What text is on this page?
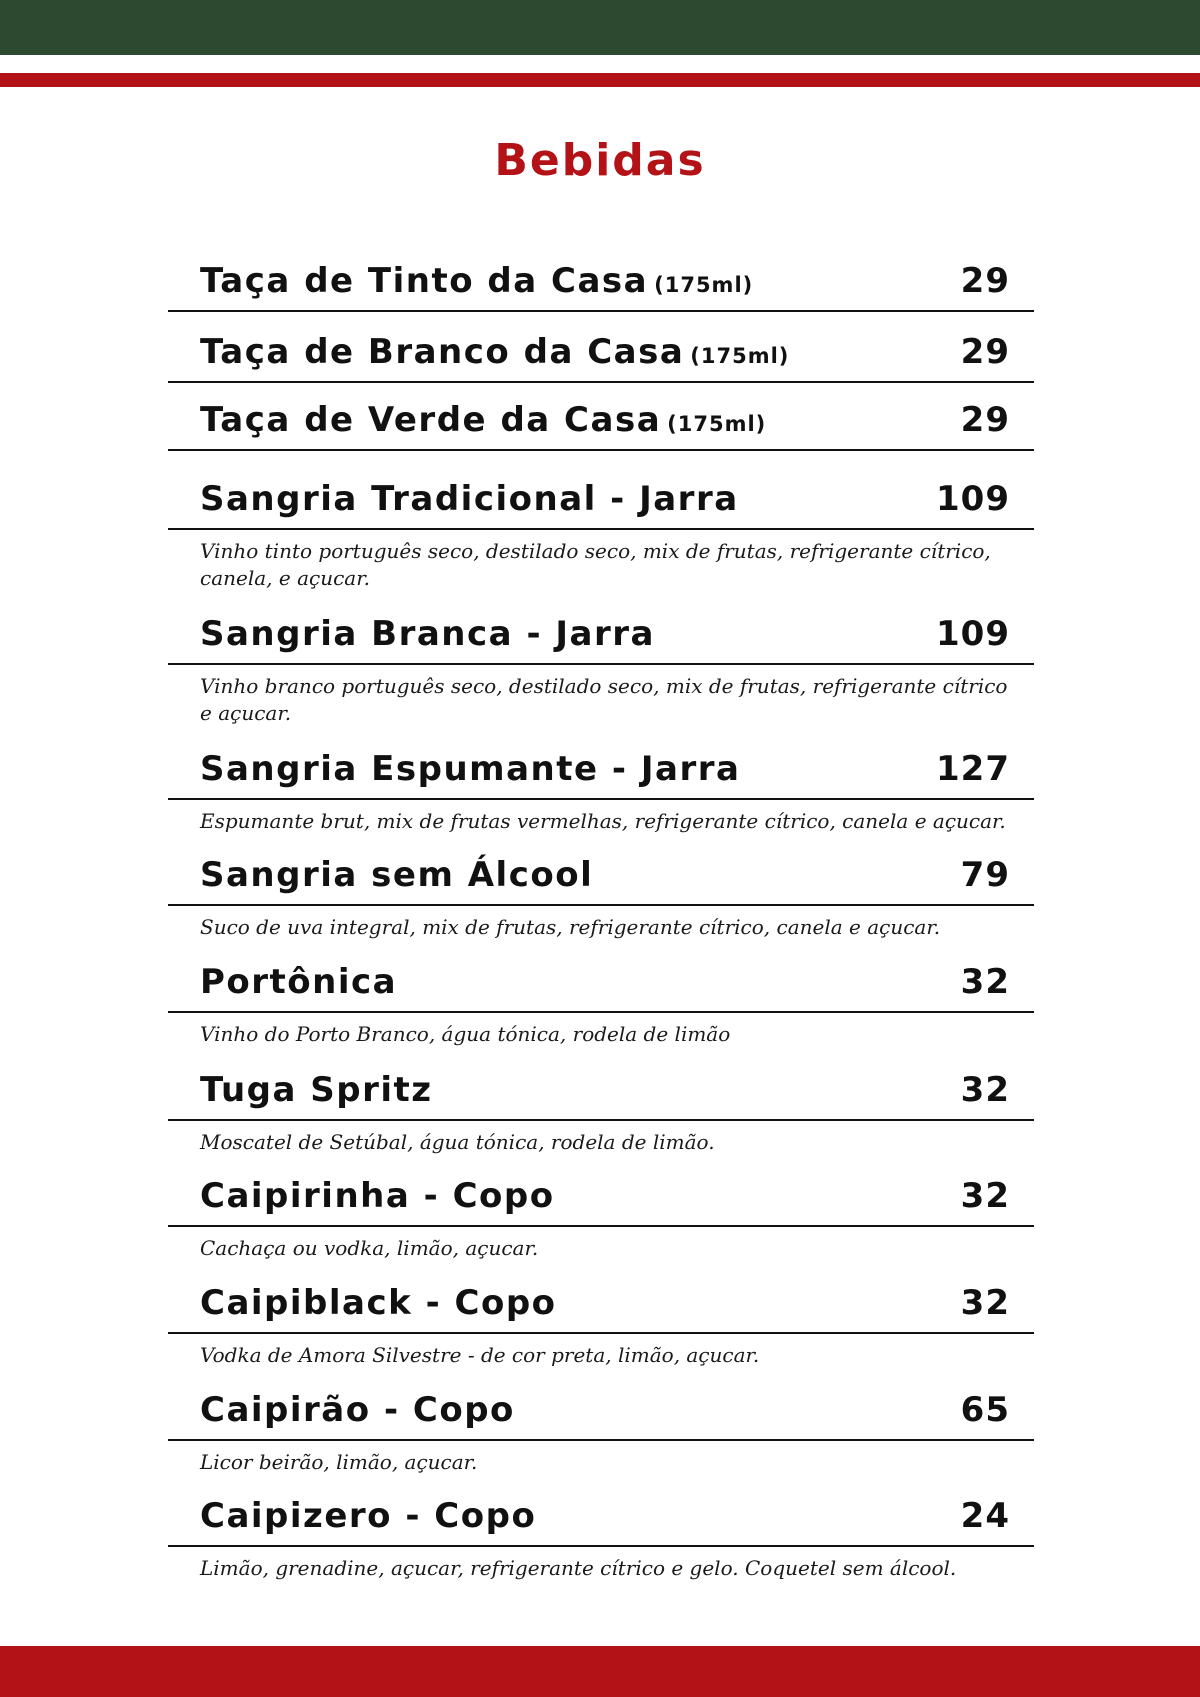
Bebidas
Taça de Tinto da Casa (175ml)	29
Taça de Branco da Casa (175ml)	29
Taça de Verde da Casa (175ml)	29
Sangria Tradicional - Jarra	109
Vinho tinto português seco, destilado seco, mix de frutas, refrigerante cítrico, canela, e açucar.
Sangria Branca - Jarra	109
Vinho branco português seco, destilado seco, mix de frutas, refrigerante cítrico e açucar.
Sangria Espumante - Jarra	127
Espumante brut, mix de frutas vermelhas, refrigerante cítrico, canela e açucar.
Sangria sem Álcool	79
Suco de uva integral, mix de frutas, refrigerante cítrico, canela e açucar.
Portônica	32
Vinho do Porto Branco, água tónica, rodela de limão
Tuga Spritz	32
Moscatel de Setúbal, água tónica, rodela de limão.
Caipirinha - Copo	32
Cachaça ou vodka, limão, açucar.
Caipiblack - Copo	32
Vodka de Amora Silvestre - de cor preta, limão, açucar.
Caipirão - Copo	65
Licor beirão, limão, açucar.
Caipizero - Copo	24
Limão, grenadine, açucar, refrigerante cítrico e gelo. Coquetel sem álcool.
